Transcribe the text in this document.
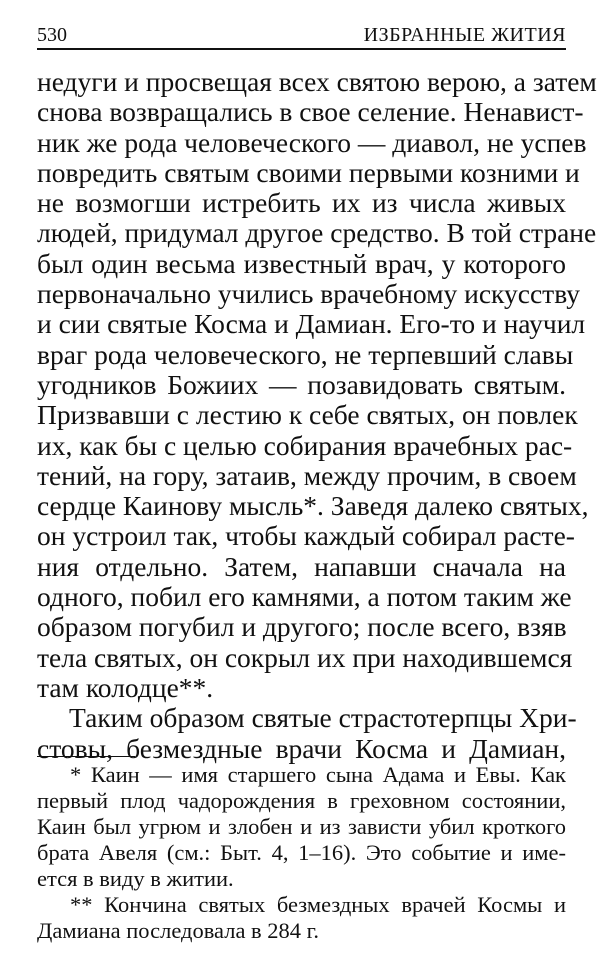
530	ИЗБРАННЫЕ ЖИТИЯ
недуги и просвещая всех святою верою, а затем
снова возвращались в свое селение. Ненавист-
ник же рода человеческого — диавол, не успев
повредить святым своими первыми козними и
не возмогши истребить их из числа живых
людей, придумал другое средство. В той стране
был один весьма известный врач, у которого
первоначально учились врачебному искусству
и сии святые Косма и Дамиан. Его-то и научил
враг рода человеческого, не терпевший славы
угодников Божиих — позавидовать святым.
Призвавши с лестию к себе святых, он повлек
их, как бы с целью собирания врачебных рас-
тений, на гору, затаив, между прочим, в своем
сердце Каинову мысль*. Заведя далеко святых,
он устроил так, чтобы каждый собирал расте-
ния отдельно. Затем, напавши сначала на
одного, побил его камнями, а потом таким же
образом погубил и другого; после всего, взяв
тела святых, он сокрыл их при находившемся
там колодце**.
Таким образом святые страстотерпцы Хри-
стовы, безмездные врачи Косма и Дамиан,
* Каин — имя старшего сына Адама и Евы. Как
первый плод чадорождения в греховном состоянии,
Каин был угрюм и злобен и из зависти убил кроткого
брата Авеля (см.: Быт. 4, 1–16). Это событие и име-
ется в виду в житии.
** Кончина святых безмездных врачей Космы и
Дамиана последовала в 284 г.
